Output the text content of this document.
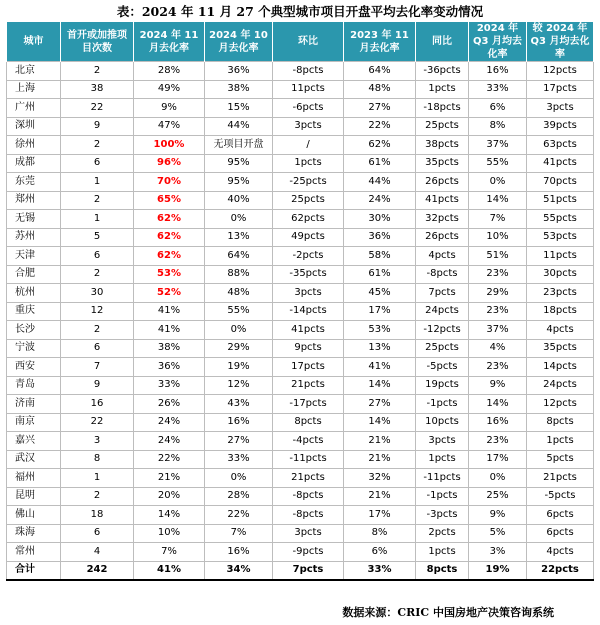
表：2024 年 11 月 27 个典型城市项目开盘平均去化率变动情况
城市	首开或加推项目次数	2024 年 11 月去化率	2024 年 10 月去化率	环比	2023 年 11 月去化率	同比	2024 年 Q3 月均去化率	较 2024 年 Q3 月均去化率
北京	2	28%	36%	-8pcts	64%	-36pcts	16%	12pcts
上海	38	49%	38%	11pcts	48%	1pcts	33%	17pcts
广州	22	9%	15%	-6pcts	27%	-18pcts	6%	3pcts
深圳	9	47%	44%	3pcts	22%	25pcts	8%	39pcts
徐州	2	100%	无项目开盘	/	62%	38pcts	37%	63pcts
成都	6	96%	95%	1pcts	61%	35pcts	55%	41pcts
东莞	1	70%	95%	-25pcts	44%	26pcts	0%	70pcts
郑州	2	65%	40%	25pcts	24%	41pcts	14%	51pcts
无锡	1	62%	0%	62pcts	30%	32pcts	7%	55pcts
苏州	5	62%	13%	49pcts	36%	26pcts	10%	53pcts
天津	6	62%	64%	-2pcts	58%	4pcts	51%	11pcts
合肥	2	53%	88%	-35pcts	61%	-8pcts	23%	30pcts
杭州	30	52%	48%	3pcts	45%	7pcts	29%	23pcts
重庆	12	41%	55%	-14pcts	17%	24pcts	23%	18pcts
长沙	2	41%	0%	41pcts	53%	-12pcts	37%	4pcts
宁波	6	38%	29%	9pcts	13%	25pcts	4%	35pcts
西安	7	36%	19%	17pcts	41%	-5pcts	23%	14pcts
青岛	9	33%	12%	21pcts	14%	19pcts	9%	24pcts
济南	16	26%	43%	-17pcts	27%	-1pcts	14%	12pcts
南京	22	24%	16%	8pcts	14%	10pcts	16%	8pcts
嘉兴	3	24%	27%	-4pcts	21%	3pcts	23%	1pcts
武汉	8	22%	33%	-11pcts	21%	1pcts	17%	5pcts
福州	1	21%	0%	21pcts	32%	-11pcts	0%	21pcts
昆明	2	20%	28%	-8pcts	21%	-1pcts	25%	-5pcts
佛山	18	14%	22%	-8pcts	17%	-3pcts	9%	6pcts
珠海	6	10%	7%	3pcts	8%	2pcts	5%	6pcts
常州	4	7%	16%	-9pcts	6%	1pcts	3%	4pcts
合计	242	41%	34%	7pcts	33%	8pcts	19%	22pcts
数据来源：CRIC 中国房地产决策咨询系统
